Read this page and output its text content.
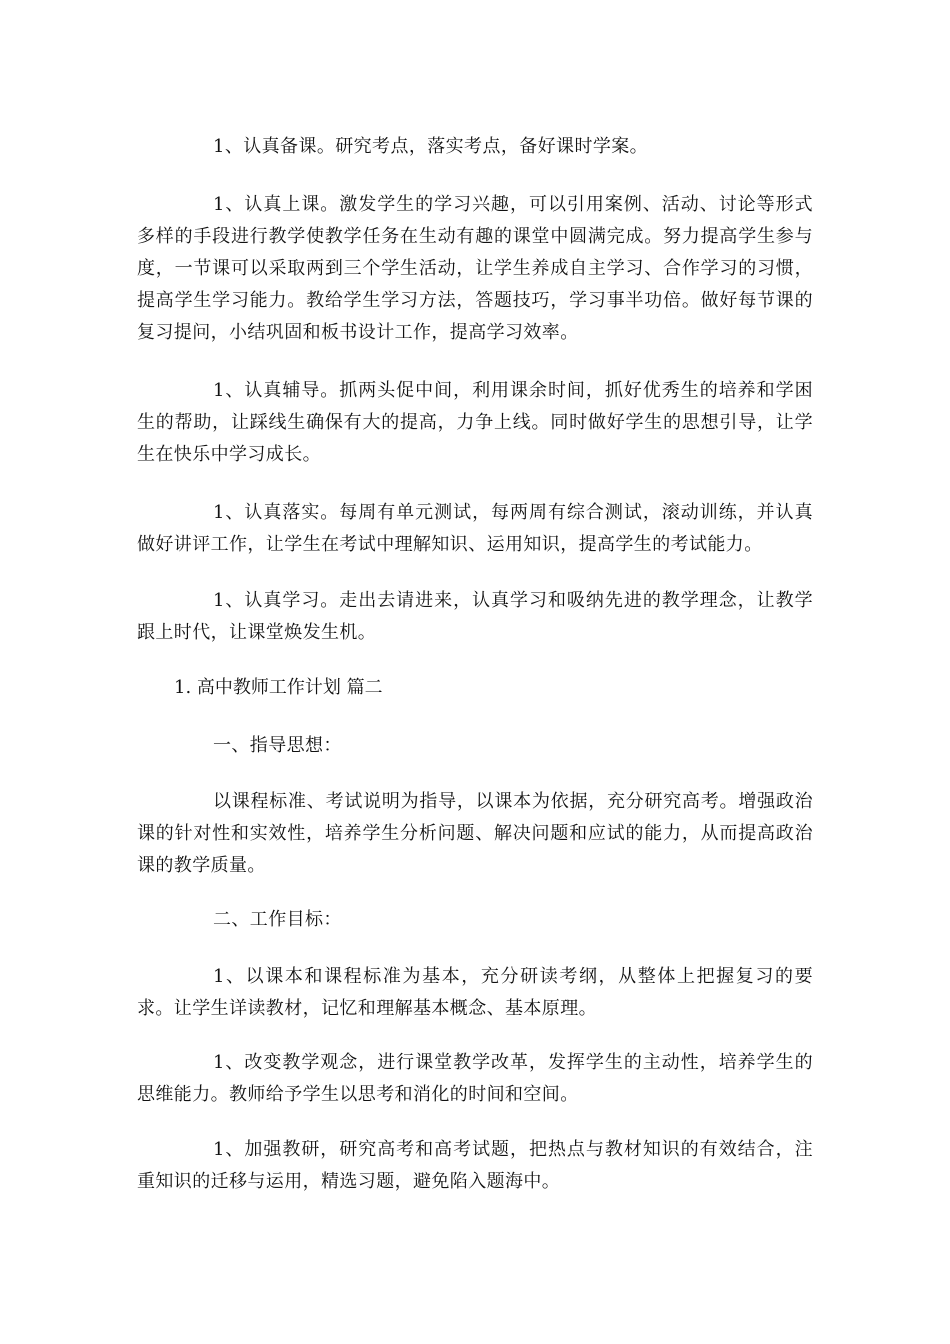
1、认真备课。研究考点，落实考点，备好课时学案。

1、认真上课。激发学生的学习兴趣，可以引用案例、活动、讨论等形式多样的手段进行教学使教学任务在生动有趣的课堂中圆满完成。努力提高学生参与度，一节课可以采取两到三个学生活动，让学生养成自主学习、合作学习的习惯，提高学生学习能力。教给学生学习方法，答题技巧，学习事半功倍。做好每节课的复习提问，小结巩固和板书设计工作，提高学习效率。

1、认真辅导。抓两头促中间，利用课余时间，抓好优秀生的培养和学困生的帮助，让踩线生确保有大的提高，力争上线。同时做好学生的思想引导，让学生在快乐中学习成长。

1、认真落实。每周有单元测试，每两周有综合测试，滚动训练，并认真做好讲评工作，让学生在考试中理解知识、运用知识，提高学生的考试能力。

1、认真学习。走出去请进来，认真学习和吸纳先进的教学理念，让教学跟上时代，让课堂焕发生机。

1. 高中教师工作计划 篇二

一、指导思想：

以课程标准、考试说明为指导，以课本为依据，充分研究高考。增强政治课的针对性和实效性，培养学生分析问题、解决问题和应试的能力，从而提高政治课的教学质量。

二、工作目标：

1、以课本和课程标准为基本，充分研读考纲，从整体上把握复习的要求。让学生详读教材，记忆和理解基本概念、基本原理。

1、改变教学观念，进行课堂教学改革，发挥学生的主动性，培养学生的思维能力。教师给予学生以思考和消化的时间和空间。

1、加强教研，研究高考和高考试题，把热点与教材知识的有效结合，注重知识的迁移与运用，精选习题，避免陷入题海中。
